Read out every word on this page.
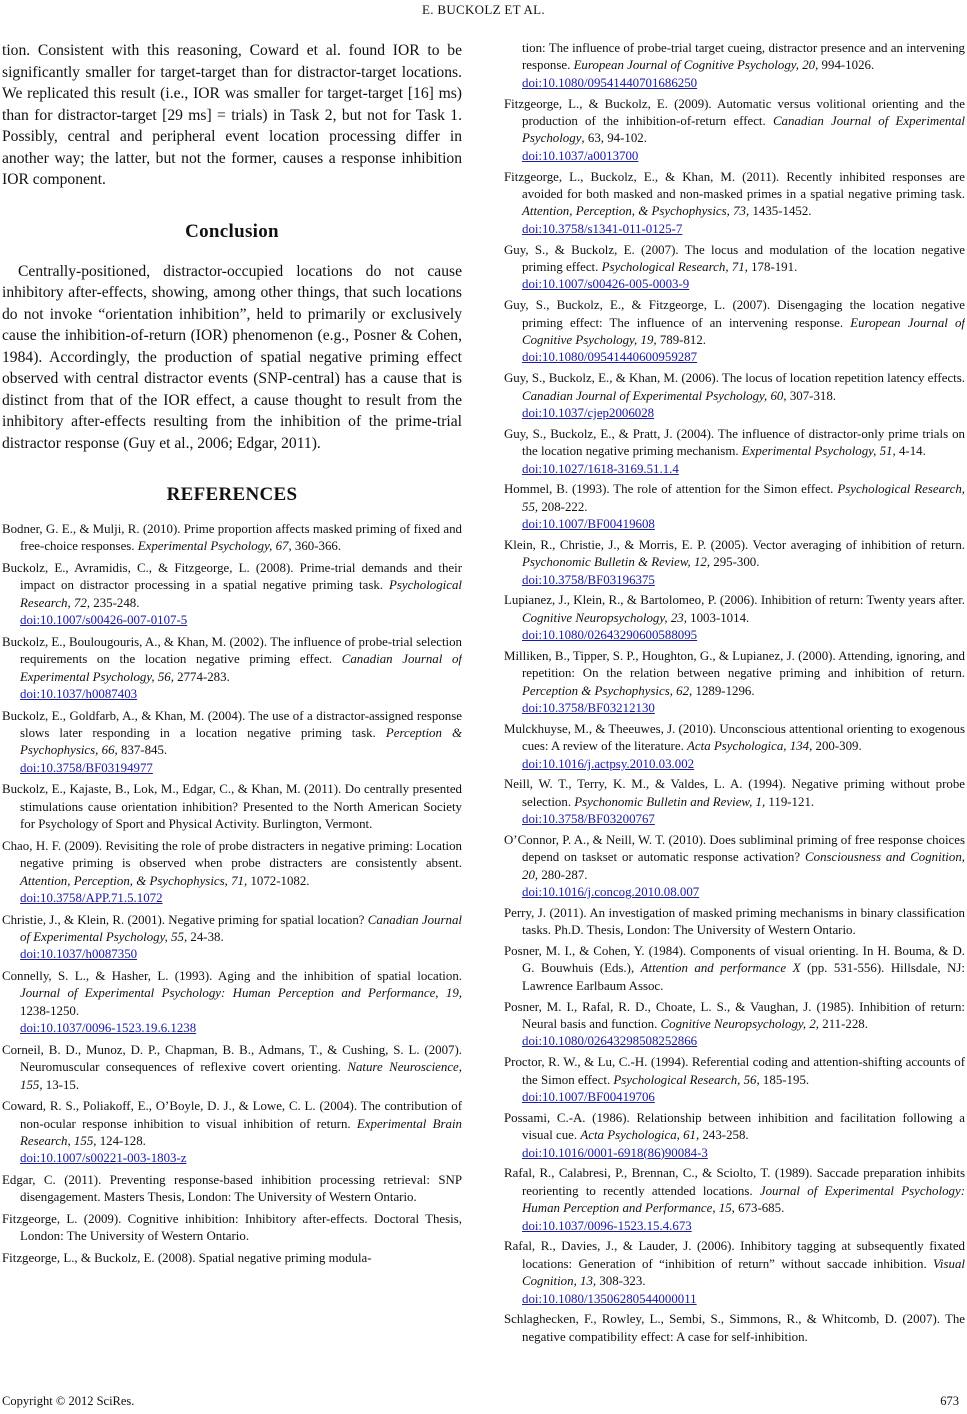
E. BUCKOLZ ET AL.

tion. Consistent with this reasoning, Coward et al. found IOR to be significantly smaller for target-target than for distractor-target locations. We replicated this result (i.e., IOR was smaller for target-target [16] ms) than for distractor-target [29 ms] = trials) in Task 2, but not for Task 1. Possibly, central and peripheral event location processing differ in another way; the latter, but not the former, causes a response inhibition IOR component.

Conclusion

Centrally-positioned, distractor-occupied locations do not cause inhibitory after-effects, showing, among other things, that such locations do not invoke “orientation inhibition”, held to primarily or exclusively cause the inhibition-of-return (IOR) phenomenon (e.g., Posner & Cohen, 1984). Accordingly, the production of spatial negative priming effect observed with central distractor events (SNP-central) has a cause that is distinct from that of the IOR effect, a cause thought to result from the inhibitory after-effects resulting from the inhibition of the prime-trial distractor response (Guy et al., 2006; Edgar, 2011).

REFERENCES

Bodner, G. E., & Mulji, R. (2010). Prime proportion affects masked priming of fixed and free-choice responses. Experimental Psychology, 67, 360-366.

Buckolz, E., Avramidis, C., & Fitzgeorge, L. (2008). Prime-trial demands and their impact on distractor processing in a spatial negative priming task. Psychological Research, 72, 235-248.
doi:10.1007/s00426-007-0107-5

Buckolz, E., Boulougouris, A., & Khan, M. (2002). The influence of probe-trial selection requirements on the location negative priming effect. Canadian Journal of Experimental Psychology, 56, 2774-283.
doi:10.1037/h0087403

Buckolz, E., Goldfarb, A., & Khan, M. (2004). The use of a distractor-assigned response slows later responding in a location negative priming task. Perception & Psychophysics, 66, 837-845.
doi:10.3758/BF03194977

Buckolz, E., Kajaste, B., Lok, M., Edgar, C., & Khan, M. (2011). Do centrally presented stimulations cause orientation inhibition? Presented to the North American Society for Psychology of Sport and Physical Activity. Burlington, Vermont.

Chao, H. F. (2009). Revisiting the role of probe distracters in negative priming: Location negative priming is observed when probe distracters are consistently absent. Attention, Perception, & Psychophysics, 71, 1072-1082.
doi:10.3758/APP.71.5.1072

Christie, J., & Klein, R. (2001). Negative priming for spatial location? Canadian Journal of Experimental Psychology, 55, 24-38.
doi:10.1037/h0087350

Connelly, S. L., & Hasher, L. (1993). Aging and the inhibition of spatial location. Journal of Experimental Psychology: Human Perception and Performance, 19, 1238-1250.
doi:10.1037/0096-1523.19.6.1238

Corneil, B. D., Munoz, D. P., Chapman, B. B., Admans, T., & Cushing, S. L. (2007). Neuromuscular consequences of reflexive covert orienting. Nature Neuroscience, 155, 13-15.

Coward, R. S., Poliakoff, E., O’Boyle, D. J., & Lowe, C. L. (2004). The contribution of non-ocular response inhibition to visual inhibition of return. Experimental Brain Research, 155, 124-128.
doi:10.1007/s00221-003-1803-z

Edgar, C. (2011). Preventing response-based inhibition processing retrieval: SNP disengagement. Masters Thesis, London: The University of Western Ontario.

Fitzgeorge, L. (2009). Cognitive inhibition: Inhibitory after-effects. Doctoral Thesis, London: The University of Western Ontario.

Fitzgeorge, L., & Buckolz, E. (2008). Spatial negative priming modula-

tion: The influence of probe-trial target cueing, distractor presence and an intervening response. European Journal of Cognitive Psychology, 20, 994-1026.
doi:10.1080/09541440701686250

Fitzgeorge, L., & Buckolz, E. (2009). Automatic versus volitional orienting and the production of the inhibition-of-return effect. Canadian Journal of Experimental Psychology, 63, 94-102.
doi:10.1037/a0013700

Fitzgeorge, L., Buckolz, E., & Khan, M. (2011). Recently inhibited responses are avoided for both masked and non-masked primes in a spatial negative priming task. Attention, Perception, & Psychophysics, 73, 1435-1452.
doi:10.3758/s1341-011-0125-7

Guy, S., & Buckolz, E. (2007). The locus and modulation of the location negative priming effect. Psychological Research, 71, 178-191.
doi:10.1007/s00426-005-0003-9

Guy, S., Buckolz, E., & Fitzgeorge, L. (2007). Disengaging the location negative priming effect: The influence of an intervening response. European Journal of Cognitive Psychology, 19, 789-812.
doi:10.1080/09541440600959287

Guy, S., Buckolz, E., & Khan, M. (2006). The locus of location repetition latency effects. Canadian Journal of Experimental Psychology, 60, 307-318.
doi:10.1037/cjep2006028

Guy, S., Buckolz, E., & Pratt, J. (2004). The influence of distractor-only prime trials on the location negative priming mechanism. Experimental Psychology, 51, 4-14.
doi:10.1027/1618-3169.51.1.4

Hommel, B. (1993). The role of attention for the Simon effect. Psychological Research, 55, 208-222.
doi:10.1007/BF00419608

Klein, R., Christie, J., & Morris, E. P. (2005). Vector averaging of inhibition of return. Psychonomic Bulletin & Review, 12, 295-300.
doi:10.3758/BF03196375

Lupianez, J., Klein, R., & Bartolomeo, P. (2006). Inhibition of return: Twenty years after. Cognitive Neuropsychology, 23, 1003-1014.
doi:10.1080/02643290600588095

Milliken, B., Tipper, S. P., Houghton, G., & Lupianez, J. (2000). Attending, ignoring, and repetition: On the relation between negative priming and inhibition of return. Perception & Psychophysics, 62, 1289-1296.
doi:10.3758/BF03212130

Mulckhuyse, M., & Theeuwes, J. (2010). Unconscious attentional orienting to exogenous cues: A review of the literature. Acta Psychologica, 134, 200-309.
doi:10.1016/j.actpsy.2010.03.002

Neill, W. T., Terry, K. M., & Valdes, L. A. (1994). Negative priming without probe selection. Psychonomic Bulletin and Review, 1, 119-121.
doi:10.3758/BF03200767

O’Connor, P. A., & Neill, W. T. (2010). Does subliminal priming of free response choices depend on taskset or automatic response activation? Consciousness and Cognition, 20, 280-287.
doi:10.1016/j.concog.2010.08.007

Perry, J. (2011). An investigation of masked priming mechanisms in binary classification tasks. Ph.D. Thesis, London: The University of Western Ontario.

Posner, M. I., & Cohen, Y. (1984). Components of visual orienting. In H. Bouma, & D. G. Bouwhuis (Eds.), Attention and performance X (pp. 531-556). Hillsdale, NJ: Lawrence Earlbaum Assoc.

Posner, M. I., Rafal, R. D., Choate, L. S., & Vaughan, J. (1985). Inhibition of return: Neural basis and function. Cognitive Neuropsychology, 2, 211-228.
doi:10.1080/02643298508252866

Proctor, R. W., & Lu, C.-H. (1994). Referential coding and attention-shifting accounts of the Simon effect. Psychological Research, 56, 185-195.
doi:10.1007/BF00419706

Possami, C.-A. (1986). Relationship between inhibition and facilitation following a visual cue. Acta Psychologica, 61, 243-258.
doi:10.1016/0001-6918(86)90084-3

Rafal, R., Calabresi, P., Brennan, C., & Sciolto, T. (1989). Saccade preparation inhibits reorienting to recently attended locations. Journal of Experimental Psychology: Human Perception and Performance, 15, 673-685.
doi:10.1037/0096-1523.15.4.673

Rafal, R., Davies, J., & Lauder, J. (2006). Inhibitory tagging at subsequently fixated locations: Generation of “inhibition of return” without saccade inhibition. Visual Cognition, 13, 308-323.
doi:10.1080/13506280544000011

Schlaghecken, F., Rowley, L., Sembi, S., Simmons, R., & Whitcomb, D. (2007). The negative compatibility effect: A case for self-inhibition.

Copyright © 2012 SciRes.	673
